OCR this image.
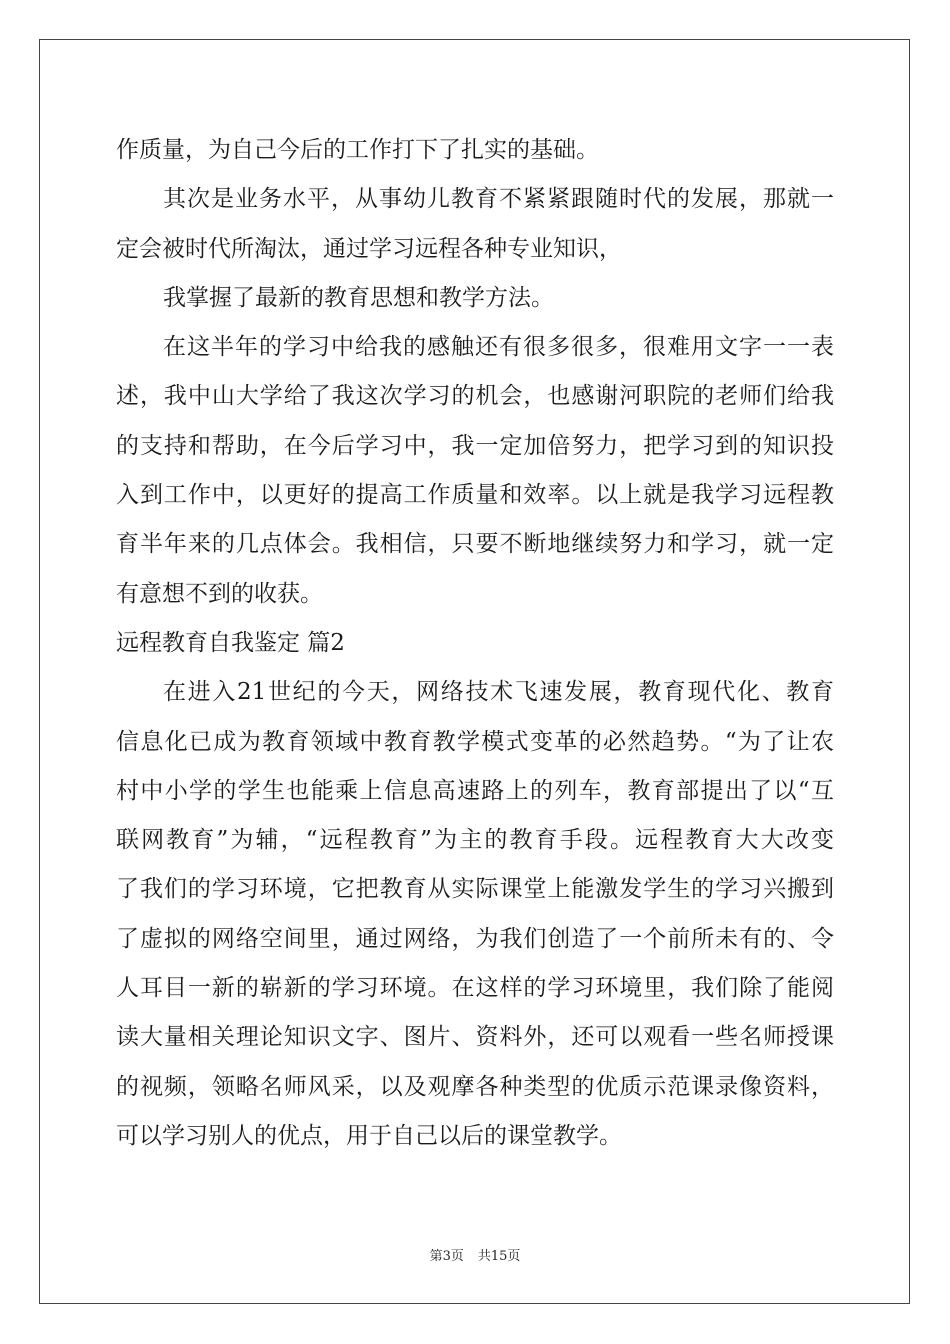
作质量，为自己今后的工作打下了扎实的基础。
其次是业务水平，从事幼儿教育不紧紧跟随时代的发展，那就一
定会被时代所淘汰，通过学习远程各种专业知识，
我掌握了最新的教育思想和教学方法。
在这半年的学习中给我的感触还有很多很多，很难用文字一一表
述，我中山大学给了我这次学习的机会，也感谢河职院的老师们给我
的支持和帮助，在今后学习中，我一定加倍努力，把学习到的知识投
入到工作中，以更好的提高工作质量和效率。以上就是我学习远程教
育半年来的几点体会。我相信，只要不断地继续努力和学习，就一定
有意想不到的收获。
远程教育自我鉴定 篇2
在进入21世纪的今天，网络技术飞速发展，教育现代化、教育
信息化已成为教育领域中教育教学模式变革的必然趋势。“为了让农
村中小学的学生也能乘上信息高速路上的列车，教育部提出了以“互
联网教育”为辅，“远程教育”为主的教育手段。远程教育大大改变
了我们的学习环境，它把教育从实际课堂上能激发学生的学习兴搬到
了虚拟的网络空间里，通过网络，为我们创造了一个前所未有的、令
人耳目一新的崭新的学习环境。在这样的学习环境里，我们除了能阅
读大量相关理论知识文字、图片、资料外，还可以观看一些名师授课
的视频，领略名师风采，以及观摩各种类型的优质示范课录像资料，
可以学习别人的优点，用于自己以后的课堂教学。
第3页 共15页
